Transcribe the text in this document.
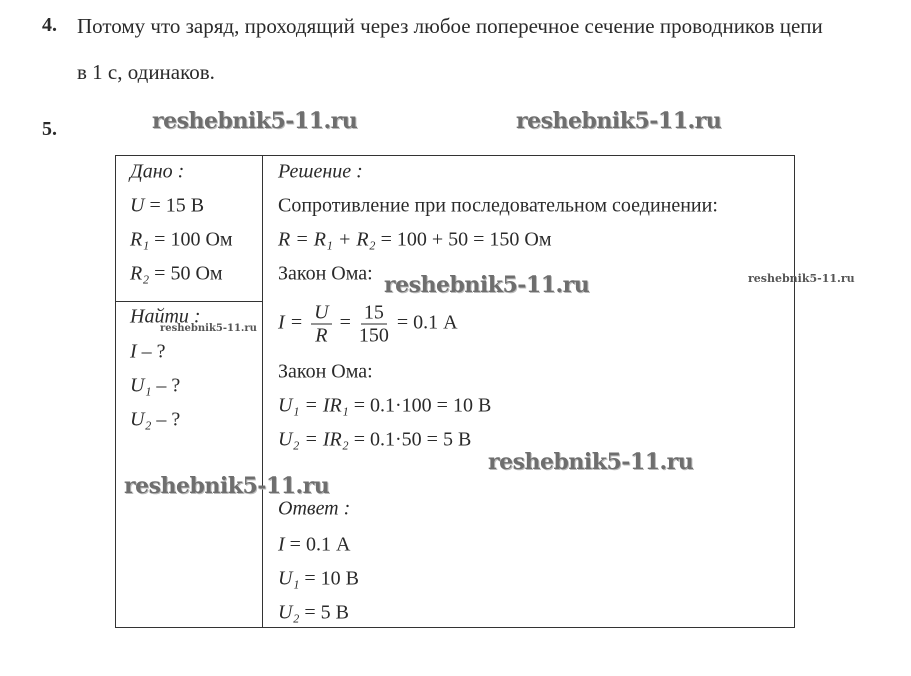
4. Потому что заряд, проходящий через любое поперечное сечение проводников цепи
в 1 с, одинаков.
5.
Дано :
U = 15 В
R₁ = 100 Ом
R₂ = 50 Ом
Найти :
I – ?
U₁ – ?
U₂ – ?
Решение :
Сопротивление при последовательном соединении:
R = R₁ + R₂ = 100 + 50 = 150 Ом
Закон Ома:
$I = \frac{U}{R} = \frac{15}{150} = 0.1$ А
Закон Ома:
U₁ = IR₁ = 0.1·100 = 10 В
U₂ = IR₂ = 0.1·50 = 5 В
Ответ :
I = 0.1 А
U₁ = 10 В
U₂ = 5 В
reshebnik5-11.ru	reshebnik5-11.ru
reshebnik5-11.ru
reshebnik5-11.ru
reshebnik5-11.ru
reshebnik5-11.ru
reshebnik5-11.ru
